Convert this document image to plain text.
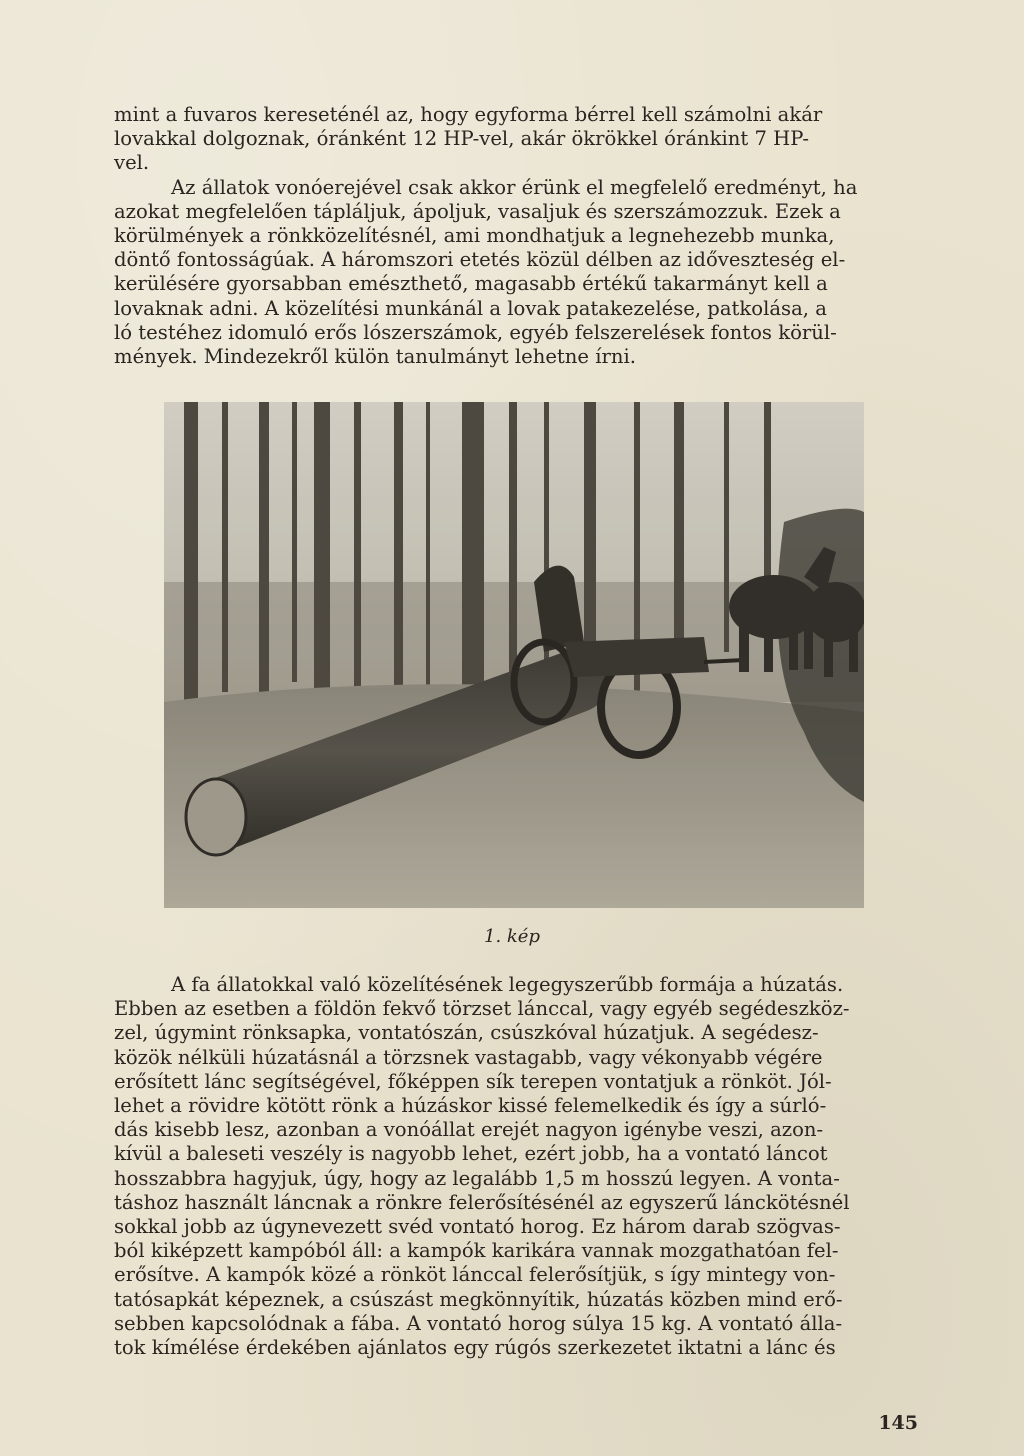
mint a fuvaros kereseténél az, hogy egyforma bérrel kell számolni akár
lovakkal dolgoznak, óránként 12 HP-vel, akár ökrökkel óránkint 7 HP-
vel.
Az állatok vonóerejével csak akkor érünk el megfelelő eredményt, ha
azokat megfelelően tápláljuk, ápoljuk, vasaljuk és szerszámozzuk. Ezek a
körülmények a rönkközelítésnél, ami mondhatjuk a legnehezebb munka,
döntő fontosságúak. A háromszori etetés közül délben az időveszteség el-
kerülésére gyorsabban emészthető, magasabb értékű takarmányt kell a
lovaknak adni. A közelítési munkánál a lovak patakezelése, patkolása, a
ló testéhez idomuló erős lószerszámok, egyéb felszerelések fontos körül-
mények. Mindezekről külön tanulmányt lehetne írni.

1. kép

A fa állatokkal való közelítésének legegyszerűbb formája a húzatás.
Ebben az esetben a földön fekvő törzset lánccal, vagy egyéb segédeszköz-
zel, úgymint rönksapka, vontatószán, csúszkóval húzatjuk. A segédesz-
közök nélküli húzatásnál a törzsnek vastagabb, vagy vékonyabb végére
erősített lánc segítségével, főképpen sík terepen vontatjuk a rönköt. Jól-
lehet a rövidre kötött rönk a húzáskor kissé felemelkedik és így a súrló-
dás kisebb lesz, azonban a vonóállat erejét nagyon igénybe veszi, azon-
kívül a baleseti veszély is nagyobb lehet, ezért jobb, ha a vontató láncot
hosszabbra hagyjuk, úgy, hogy az legalább 1,5 m hosszú legyen. A vonta-
táshoz használt láncnak a rönkre felerősítésénél az egyszerű lánckötésnél
sokkal jobb az úgynevezett svéd vontató horog. Ez három darab szögvas-
ból kiképzett kampóból áll: a kampók karikára vannak mozgathatóan fel-
erősítve. A kampók közé a rönköt lánccal felerősítjük, s így mintegy von-
tatósapkát képeznek, a csúszást megkönnyítik, húzatás közben mind erő-
sebben kapcsolódnak a fába. A vontató horog súlya 15 kg. A vontató álla-
tok kímélése érdekében ajánlatos egy rúgós szerkezetet iktatni a lánc és

145
